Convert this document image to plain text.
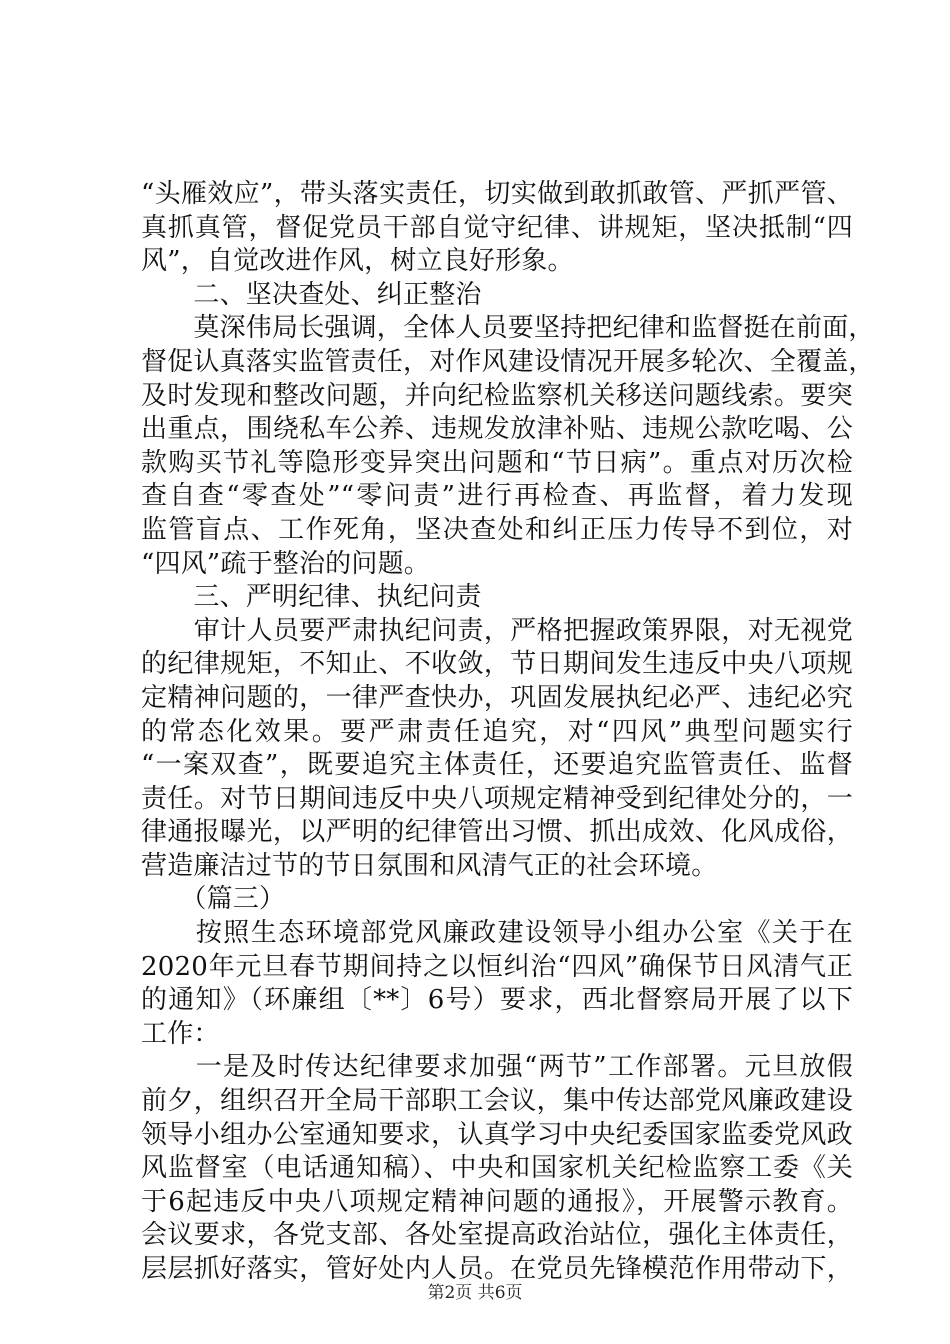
“头雁效应”，带头落实责任，切实做到敢抓敢管、严抓严管、
真抓真管，督促党员干部自觉守纪律、讲规矩，坚决抵制“四
风”，自觉改进作风，树立良好形象。
　　二、坚决查处、纠正整治
　　莫深伟局长强调，全体人员要坚持把纪律和监督挺在前面，
督促认真落实监管责任，对作风建设情况开展多轮次、全覆盖，
及时发现和整改问题，并向纪检监察机关移送问题线索。要突
出重点，围绕私车公养、违规发放津补贴、违规公款吃喝、公
款购买节礼等隐形变异突出问题和“节日病”。重点对历次检
查自查“零查处”“零问责”进行再检查、再监督，着力发现
监管盲点、工作死角，坚决查处和纠正压力传导不到位，对
“四风”疏于整治的问题。
　　三、严明纪律、执纪问责
　　审计人员要严肃执纪问责，严格把握政策界限，对无视党
的纪律规矩，不知止、不收敛，节日期间发生违反中央八项规
定精神问题的，一律严查快办，巩固发展执纪必严、违纪必究
的常态化效果。要严肃责任追究，对“四风”典型问题实行
“一案双查”，既要追究主体责任，还要追究监管责任、监督
责任。对节日期间违反中央八项规定精神受到纪律处分的，一
律通报曝光，以严明的纪律管出习惯、抓出成效、化风成俗，
营造廉洁过节的节日氛围和风清气正的社会环境。
　　（篇三）
　　按照生态环境部党风廉政建设领导小组办公室《关于在
2020年元旦春节期间持之以恒纠治“四风”确保节日风清气正
的通知》（环廉组〔**〕6号）要求，西北督察局开展了以下
工作：
　　一是及时传达纪律要求加强“两节”工作部署。元旦放假
前夕，组织召开全局干部职工会议，集中传达部党风廉政建设
领导小组办公室通知要求，认真学习中央纪委国家监委党风政
风监督室（电话通知稿）、中央和国家机关纪检监察工委《关
于6起违反中央八项规定精神问题的通报》，开展警示教育。
会议要求，各党支部、各处室提高政治站位，强化主体责任，
层层抓好落实，管好处内人员。在党员先锋模范作用带动下，
第2页 共6页
